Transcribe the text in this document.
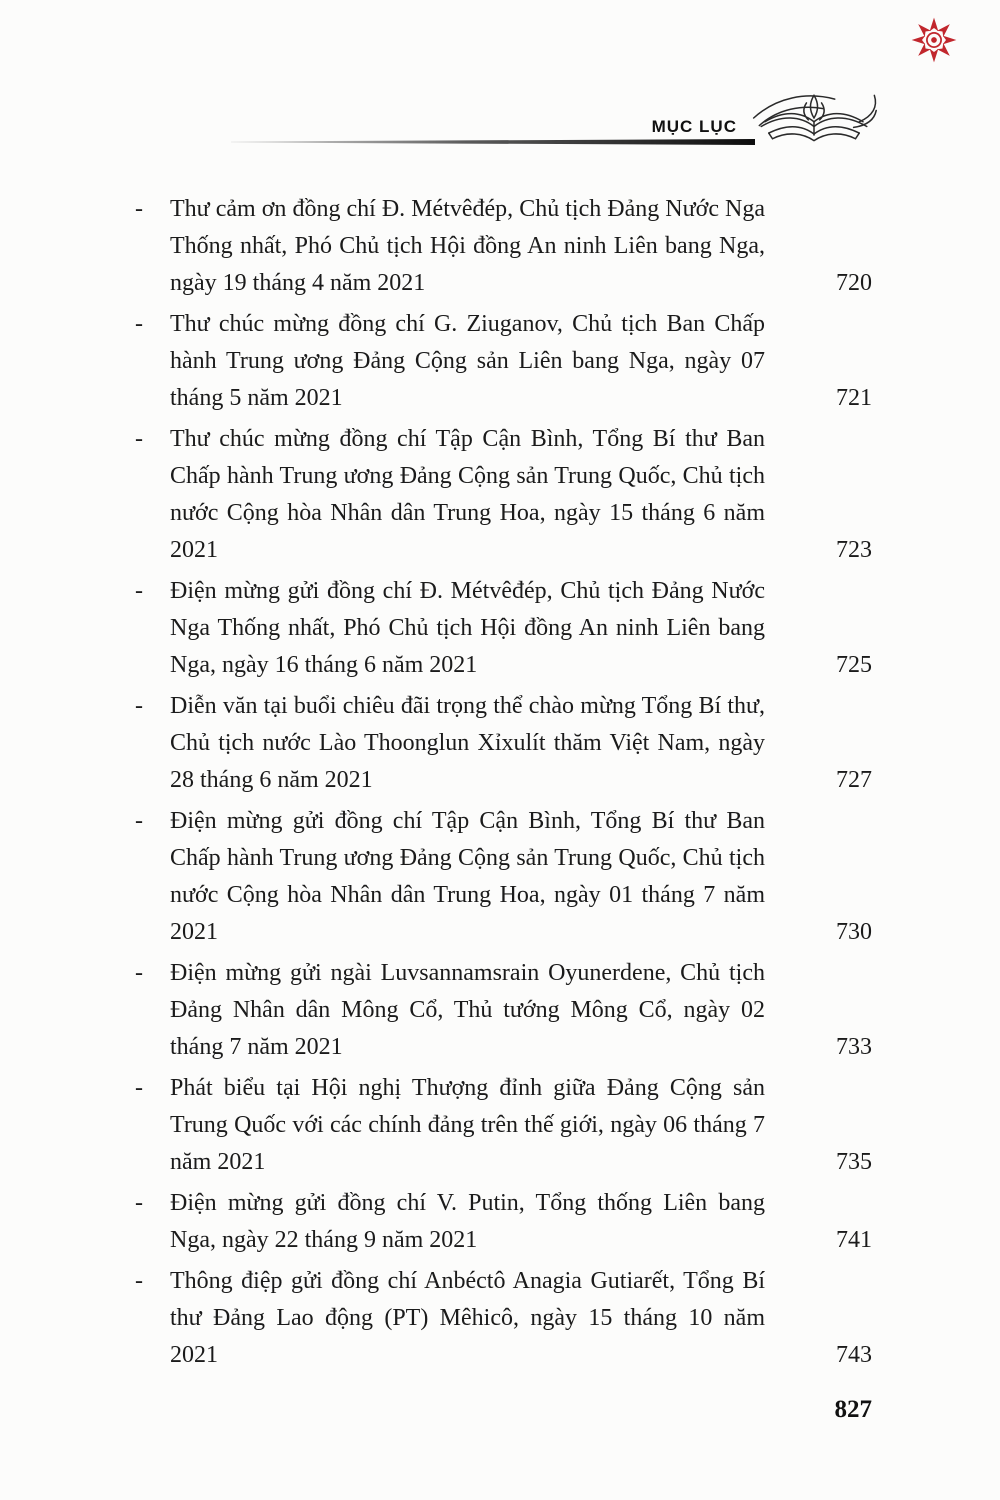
MỤC LỤC
-	Thư cảm ơn đồng chí Đ. Métvêđép, Chủ tịch Đảng Nước Nga Thống nhất, Phó Chủ tịch Hội đồng An ninh Liên bang Nga, ngày 19 tháng 4 năm 2021	720
-	Thư chúc mừng đồng chí G. Ziuganov, Chủ tịch Ban Chấp hành Trung ương Đảng Cộng sản Liên bang Nga, ngày 07 tháng 5 năm 2021	721
-	Thư chúc mừng đồng chí Tập Cận Bình, Tổng Bí thư Ban Chấp hành Trung ương Đảng Cộng sản Trung Quốc, Chủ tịch nước Cộng hòa Nhân dân Trung Hoa, ngày 15 tháng 6 năm 2021	723
-	Điện mừng gửi đồng chí Đ. Métvêđép, Chủ tịch Đảng Nước Nga Thống nhất, Phó Chủ tịch Hội đồng An ninh Liên bang Nga, ngày 16 tháng 6 năm 2021	725
-	Diễn văn tại buổi chiêu đãi trọng thể chào mừng Tổng Bí thư, Chủ tịch nước Lào Thoonglun Xỉxulít thăm Việt Nam, ngày 28 tháng 6 năm 2021	727
-	Điện mừng gửi đồng chí Tập Cận Bình, Tổng Bí thư Ban Chấp hành Trung ương Đảng Cộng sản Trung Quốc, Chủ tịch nước Cộng hòa Nhân dân Trung Hoa, ngày 01 tháng 7 năm 2021	730
-	Điện mừng gửi ngài Luvsannamsrain Oyunerdene, Chủ tịch Đảng Nhân dân Mông Cổ, Thủ tướng Mông Cổ, ngày 02 tháng 7 năm 2021	733
-	Phát biểu tại Hội nghị Thượng đỉnh giữa Đảng Cộng sản Trung Quốc với các chính đảng trên thế giới, ngày 06 tháng 7 năm 2021	735
-	Điện mừng gửi đồng chí V. Putin, Tổng thống Liên bang Nga, ngày 22 tháng 9 năm 2021	741
-	Thông điệp gửi đồng chí Anbéctô Anagia Gutiarết, Tổng Bí thư Đảng Lao động (PT) Mêhicô, ngày 15 tháng 10 năm 2021	743
827
